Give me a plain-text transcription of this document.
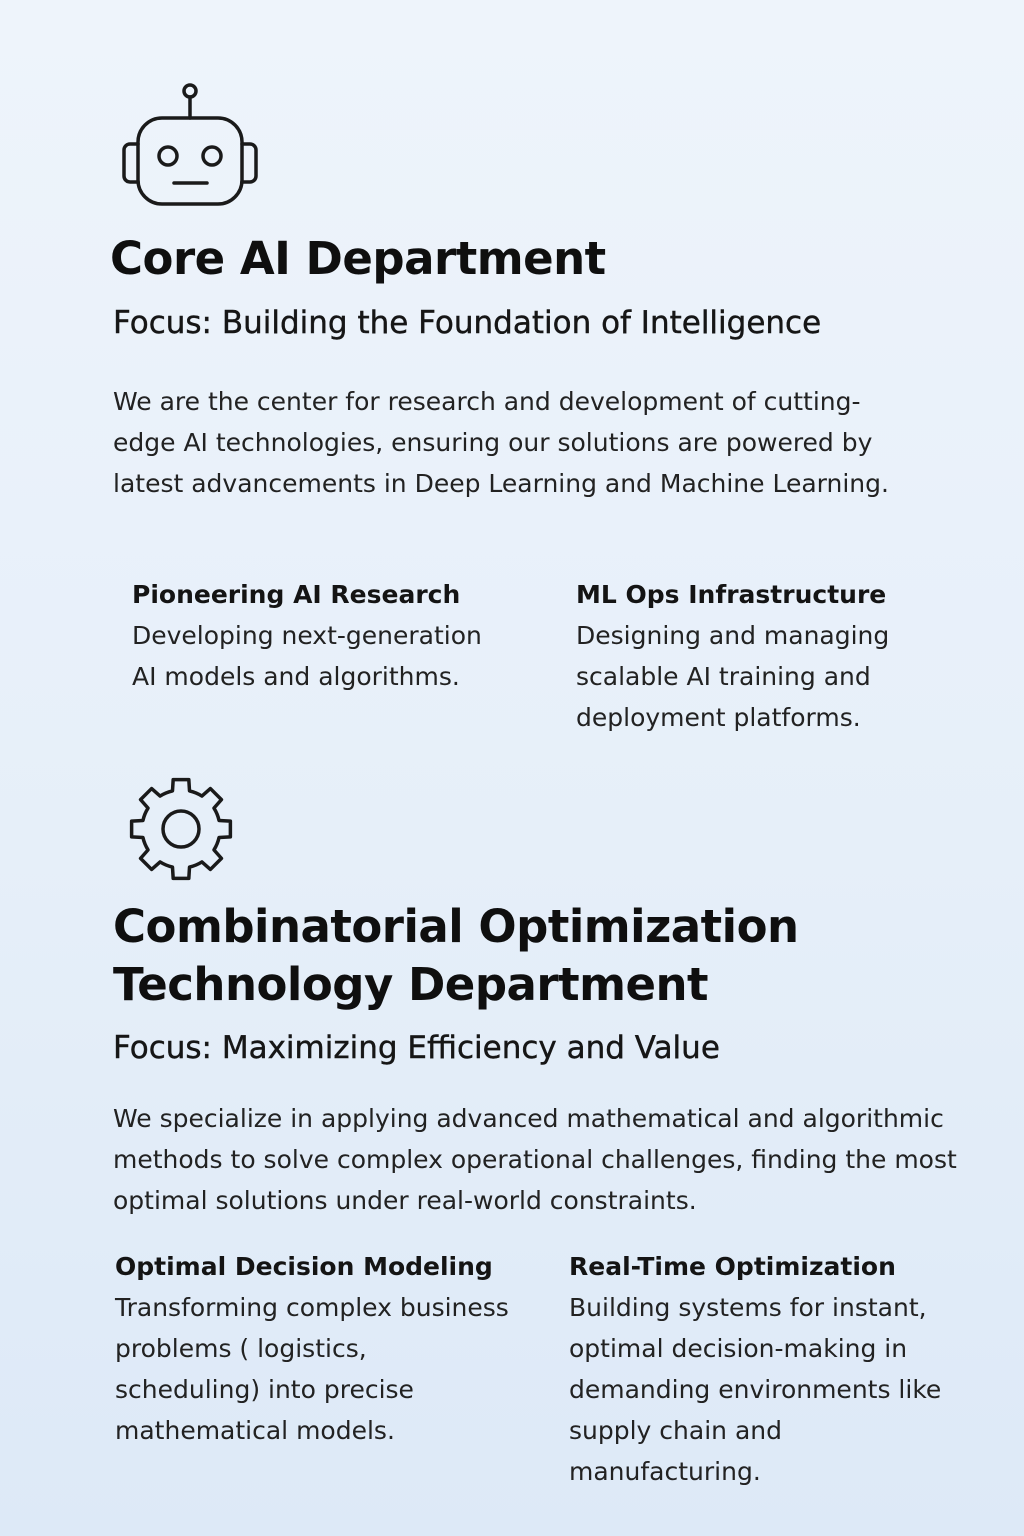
Core AI Department
Focus: Building the Foundation of Intelligence

We are the center for research and development of cutting-edge AI technologies, ensuring our solutions are powered by latest advancements in Deep Learning and Machine Learning.

Pioneering AI Research

Developing next-generation AI models and algorithms.

ML Ops Infrastructure

Designing and managing scalable AI training and deployment platforms.

Combinatorial Optimization Technology Department
Focus: Maximizing Efficiency and Value

We specialize in applying advanced mathematical and algorithmic methods to solve complex operational challenges, finding the most optimal solutions under real-world constraints.

Optimal Decision Modeling

Transforming complex business problems ( logistics, scheduling) into precise mathematical models.

Real-Time Optimization

Building systems for instant, optimal decision-making in demanding environments like supply chain and manufacturing.
